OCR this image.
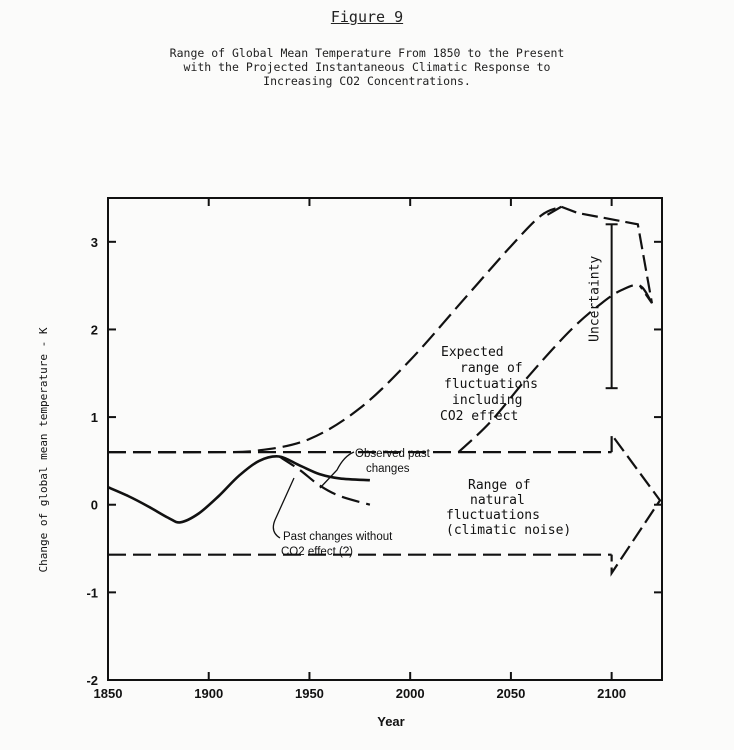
Figure 9
Range of Global Mean Temperature From 1850 to the Present
with the Projected Instantaneous Climatic Response to
Increasing CO2 Concentrations.
1850	1900	1950	2000	2050	2100
-2
-1
0
1
2
3
Uncertainty
Observed past
changes
Past changes without
CO2 effect (?)
Expected
range of
fluctuations
including
CO2 effect
Range of
natural
fluctuations
(climatic noise)
Year
Change of global mean temperature - K
